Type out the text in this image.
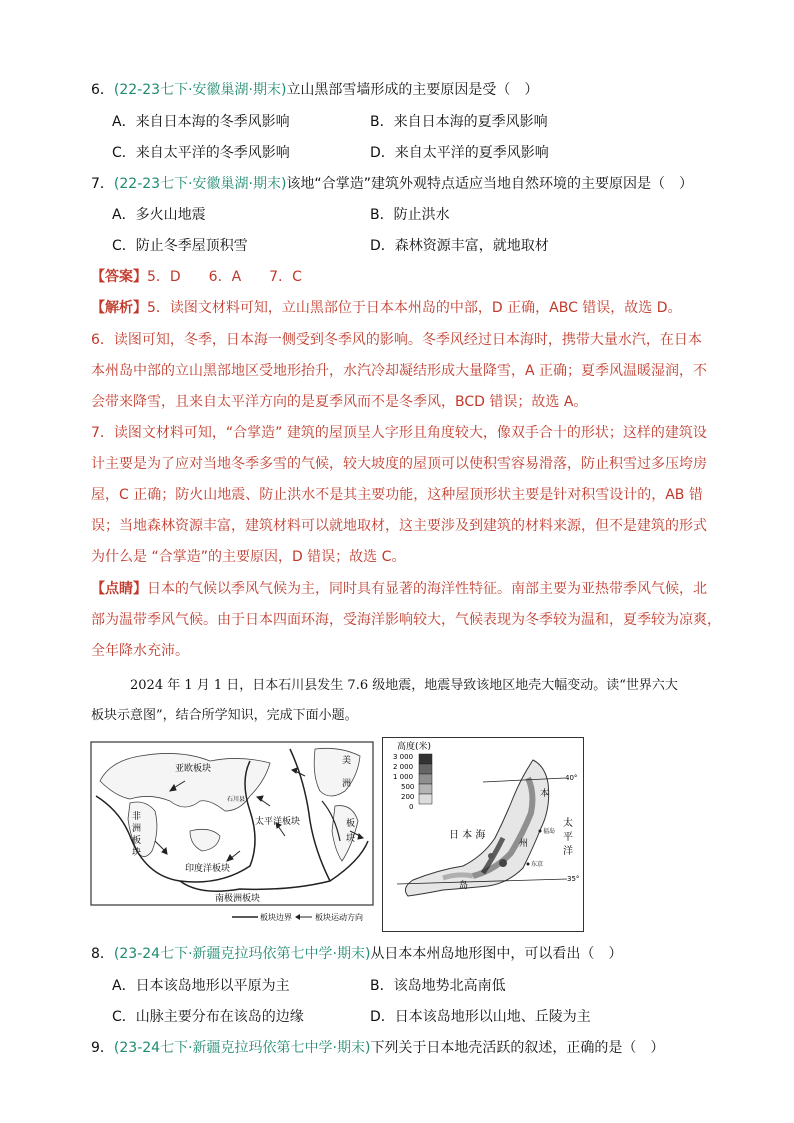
6．(22-23七下·安徽巢湖·期末)立山黑部雪墙形成的主要原因是受（　）
A．来自日本海的冬季风影响	B．来自日本海的夏季风影响
C．来自太平洋的冬季风影响	D．来自太平洋的夏季风影响
7．(22-23七下·安徽巢湖·期末)该地“合掌造”建筑外观特点适应当地自然环境的主要原因是（　）
A．多火山地震	B．防止洪水
C．防止冬季屋顶积雪	D．森林资源丰富，就地取材
【答案】5．D　　6．A　　7．C
【解析】5．读图文材料可知，立山黑部位于日本本州岛的中部，D 正确，ABC 错误，故选 D。
6．读图可知，冬季，日本海一侧受到冬季风的影响。冬季风经过日本海时，携带大量水汽，在日本
本州岛中部的立山黑部地区受地形抬升，水汽冷却凝结形成大量降雪，A 正确；夏季风温暖湿润，不
会带来降雪，且来自太平洋方向的是夏季风而不是冬季风，BCD 错误；故选 A。
7．读图文材料可知，“合掌造” 建筑的屋顶呈人字形且角度较大，像双手合十的形状；这样的建筑设
计主要是为了应对当地冬季多雪的气候，较大坡度的屋顶可以使积雪容易滑落，防止积雪过多压垮房
屋，C 正确；防火山地震、防止洪水不是其主要功能，这种屋顶形状主要是针对积雪设计的，AB 错
误；当地森林资源丰富，建筑材料可以就地取材，这主要涉及到建筑的材料来源，但不是建筑的形式
为什么是 “合掌造”的主要原因，D 错误；故选 C。
【点睛】日本的气候以季风气候为主，同时具有显著的海洋性特征。南部主要为亚热带季风气候，北
部为温带季风气候。由于日本四面环海，受海洋影响较大，气候表现为冬季较为温和，夏季较为凉爽，
全年降水充沛。
2024 年 1 月 1 日，日本石川县发生 7.6 级地震，地震导致该地区地壳大幅变动。读“世界六大
板块示意图”，结合所学知识，完成下面小题。
亚欧板块
非
洲
板
块
太平洋板块
印度洋板块
南极洲板块
美
洲
板
块
石川县
板块边界	板块运动方向
高度(米)
3 000
2 000
1 000
500
200
0
40°
35°
日 本 海
太
平
洋
本
州
岛
福岛
东京
8．(23-24七下·新疆克拉玛依第七中学·期末)从日本本州岛地形图中，可以看出（　）
A．日本该岛地形以平原为主	B．该岛地势北高南低
C．山脉主要分布在该岛的边缘	D．日本该岛地形以山地、丘陵为主
9．(23-24七下·新疆克拉玛依第七中学·期末)下列关于日本地壳活跃的叙述，正确的是（　）
